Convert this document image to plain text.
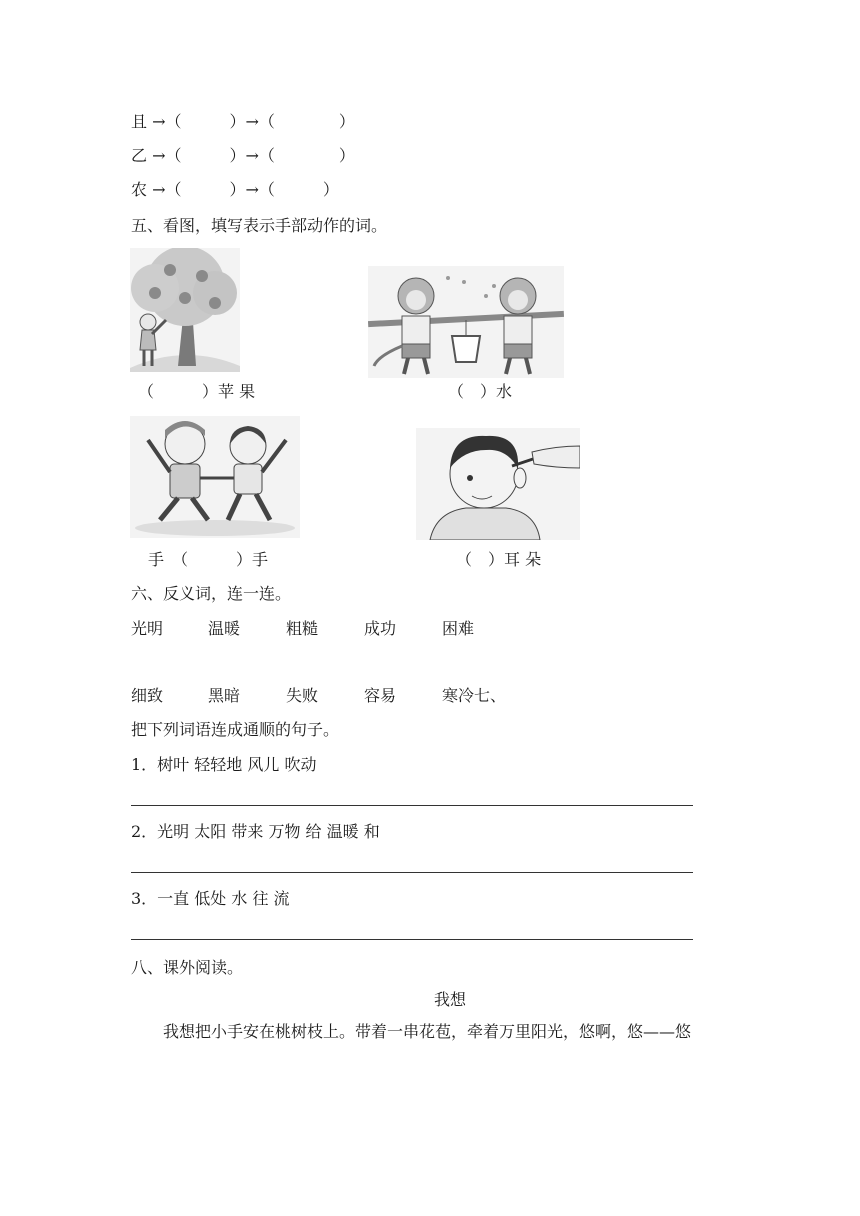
且 →（　　　）→（　　　　）
乙 →（　　　）→（　　　　）
农 →（　　　）→（　　　）
五、看图，填写表示手部动作的词。
（　　　）苹 果	（　）水
手　（　　　）手	（　）耳 朵
六、反义词，连一连。
光明	温暖	粗糙	成功	困难
细致	黑暗	失败	容易	寒冷七、
把下列词语连成通顺的句子。
1．树叶 轻轻地 风儿 吹动
2．光明 太阳 带来 万物 给 温暖 和
3．一直 低处 水 往 流
八、课外阅读。
我想
我想把小手安在桃树枝上。带着一串花苞，牵着万里阳光，悠啊，悠——悠
